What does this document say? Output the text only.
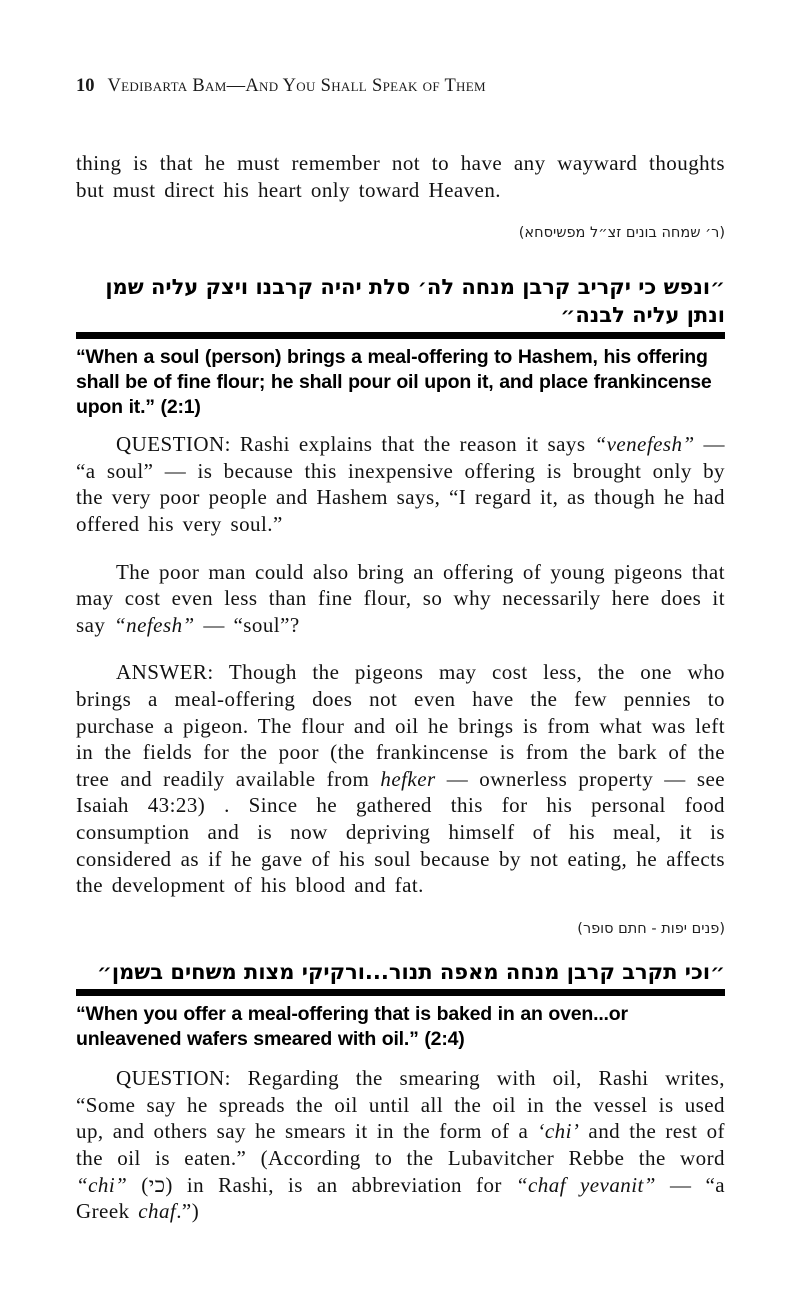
10 Vedibarta Bam—And You Shall Speak of Them

thing is that he must remember not to have any wayward thoughts but must direct his heart only toward Heaven.

(ר׳ שמחה בונים זצ״ל מפשיסחא)
״ונפש כי יקריב קרבן מנחה לה׳ סלת יהיה קרבנו ויצק עליה שמן ונתן עליה לבנה״
“When a soul (person) brings a meal-offering to Hashem, his offering shall be of fine flour; he shall pour oil upon it, and place frankincense upon it.” (2:1)

QUESTION: Rashi explains that the reason it says “venefesh” — “a soul” — is because this inexpensive offering is brought only by the very poor people and Hashem says, “I regard it, as though he had offered his very soul.”

The poor man could also bring an offering of young pigeons that may cost even less than fine flour, so why necessarily here does it say “nefesh” — “soul”?

ANSWER: Though the pigeons may cost less, the one who brings a meal-offering does not even have the few pennies to purchase a pigeon. The flour and oil he brings is from what was left in the fields for the poor (the frankincense is from the bark of the tree and readily available from hefker — ownerless property — see Isaiah 43:23) . Since he gathered this for his personal food consumption and is now depriving himself of his meal, it is considered as if he gave of his soul because by not eating, he affects the development of his blood and fat.

(פנים יפות - חתם סופר)
״וכי תקרב קרבן מנחה מאפה תנור...ורקיקי מצות משחים בשמן״
“When you offer a meal-offering that is baked in an oven...or unleavened wafers smeared with oil.” (2:4)

QUESTION: Regarding the smearing with oil, Rashi writes, “Some say he spreads the oil until all the oil in the vessel is used up, and others say he smears it in the form of a ‘chi’ and the rest of the oil is eaten.” (According to the Lubavitcher Rebbe the word “chi” (כי) in Rashi, is an abbreviation for “chaf yevanit” — “a Greek chaf.”)
